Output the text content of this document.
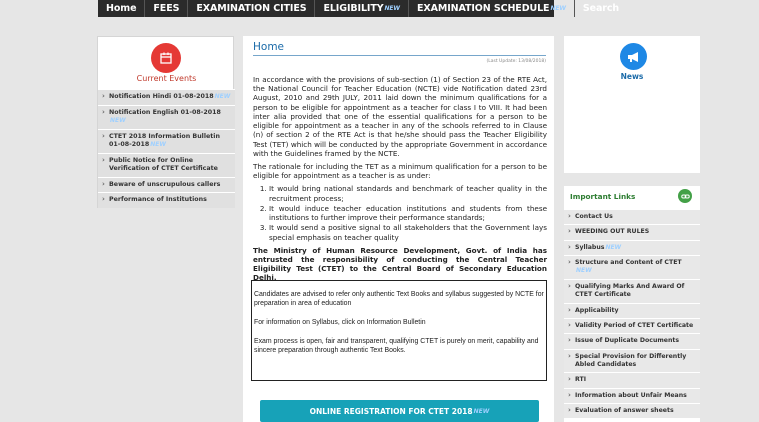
Home FEES EXAMINATION CITIES ELIGIBILITY NEW EXAMINATION SCHEDULE NEW Search
Current Events
› Notification Hindi 01-08-2018NEW
› Notification English 01-08-2018NEW
› CTET 2018 Information Bulletin 01-08-2018NEW
› Public Notice for Online Verification of CTET Certificate
› Beware of unscrupulous callers
› Performance of Institutions
Home
(Last Update: 13/08/2018)

In accordance with the provisions of sub-section (1) of Section 23 of the RTE Act, the National Council for Teacher Education (NCTE) vide Notification dated 23rd August, 2010 and 29th JULY, 2011 laid down the minimum qualifications for a person to be eligible for appointment as a teacher for class I to VIII. It had been inter alia provided that one of the essential qualifications for a person to be eligible for appointment as a teacher in any of the schools referred to in Clause (n) of section 2 of the RTE Act is that he/she should pass the Teacher Eligibility Test (TET) which will be conducted by the appropriate Government in accordance with the Guidelines framed by the NCTE.

The rationale for including the TET as a minimum qualification for a person to be eligible for appointment as a teacher is as under:

1. It would bring national standards and benchmark of teacher quality in the recruitment process;
2. It would induce teacher education institutions and students from these institutions to further improve their performance standards;
3. It would send a positive signal to all stakeholders that the Government lays special emphasis on teacher quality

The Ministry of Human Resource Development, Govt. of India has entrusted the responsibility of conducting the Central Teacher Eligibility Test (CTET) to the Central Board of Secondary Education Delhi.

Candidates are advised to refer only authentic Text Books and syllabus suggested by NCTE for preparation in area of education

For information on Syllabus, click on Information Bulletin

Exam process is open, fair and transparent, qualifying CTET is purely on merit, capability and sincere preparation through authentic Text Books.

ONLINE REGISTRATION FOR CTET 2018 NEW
News
Important Links
› Contact Us
› WEEDING OUT RULES
› SyllabusNEW
› Structure and Content of CTETNEW
› Qualifying Marks And Award Of CTET Certificate
› Applicability
› Validity Period of CTET Certificate
› Issue of Duplicate Documents
› Special Provision for Differently Abled Candidates
› RTI
› Information about Unfair Means
› Evaluation of answer sheets
